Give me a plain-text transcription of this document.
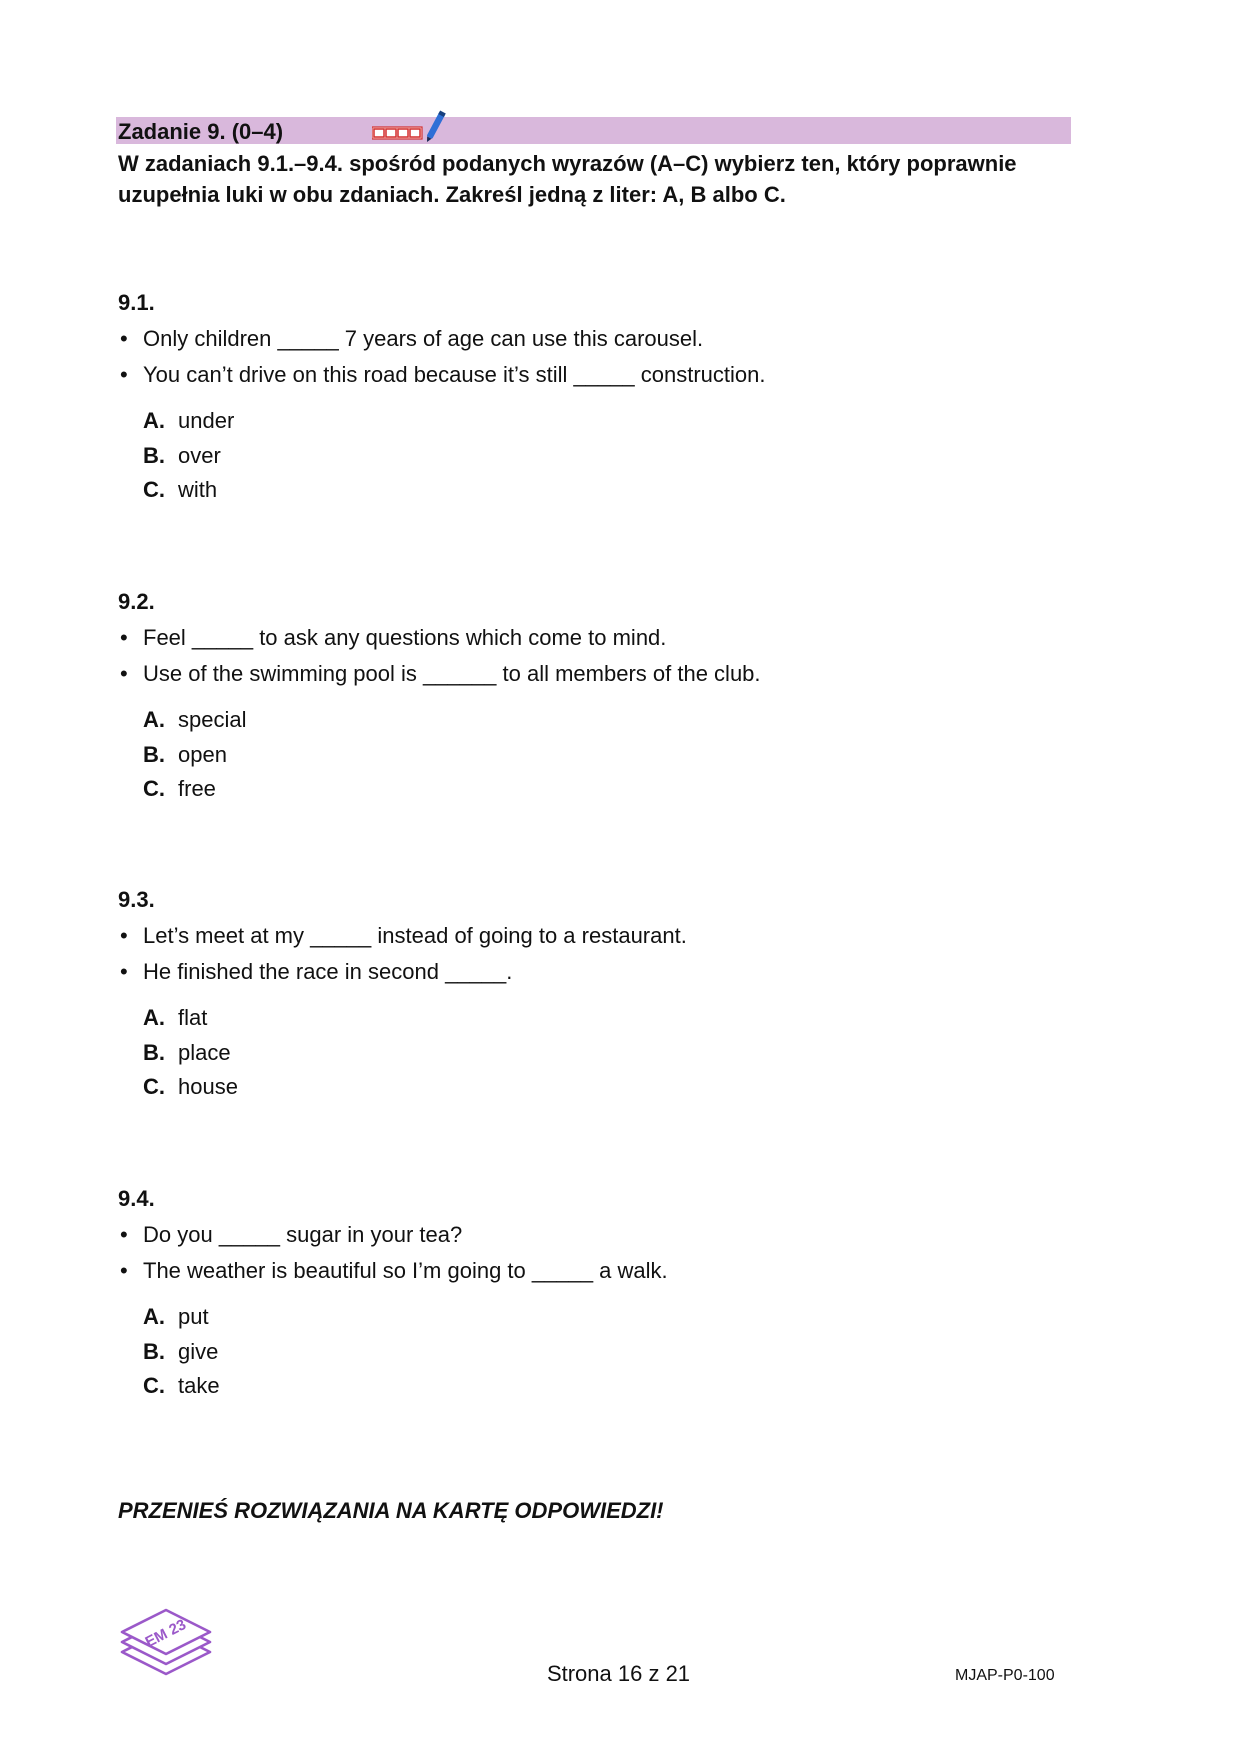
Zadanie 9. (0–4)
W zadaniach 9.1.–9.4. spośród podanych wyrazów (A–C) wybierz ten, który poprawnie uzupełnia luki w obu zdaniach. Zakreśl jedną z liter: A, B albo C.
9.1.
• Only children _____ 7 years of age can use this carousel.
• You can’t drive on this road because it’s still _____ construction.
A. under
B. over
C. with
9.2.
• Feel _____ to ask any questions which come to mind.
• Use of the swimming pool is ______ to all members of the club.
A. special
B. open
C. free
9.3.
• Let’s meet at my _____ instead of going to a restaurant.
• He finished the race in second _____.
A. flat
B. place
C. house
9.4.
• Do you _____ sugar in your tea?
• The weather is beautiful so I’m going to _____ a walk.
A. put
B. give
C. take
PRZENIEŚ ROZWIĄZANIA NA KARTĘ ODPOWIEDZI!
EM 23
Strona 16 z 21	MJAP-P0-100
